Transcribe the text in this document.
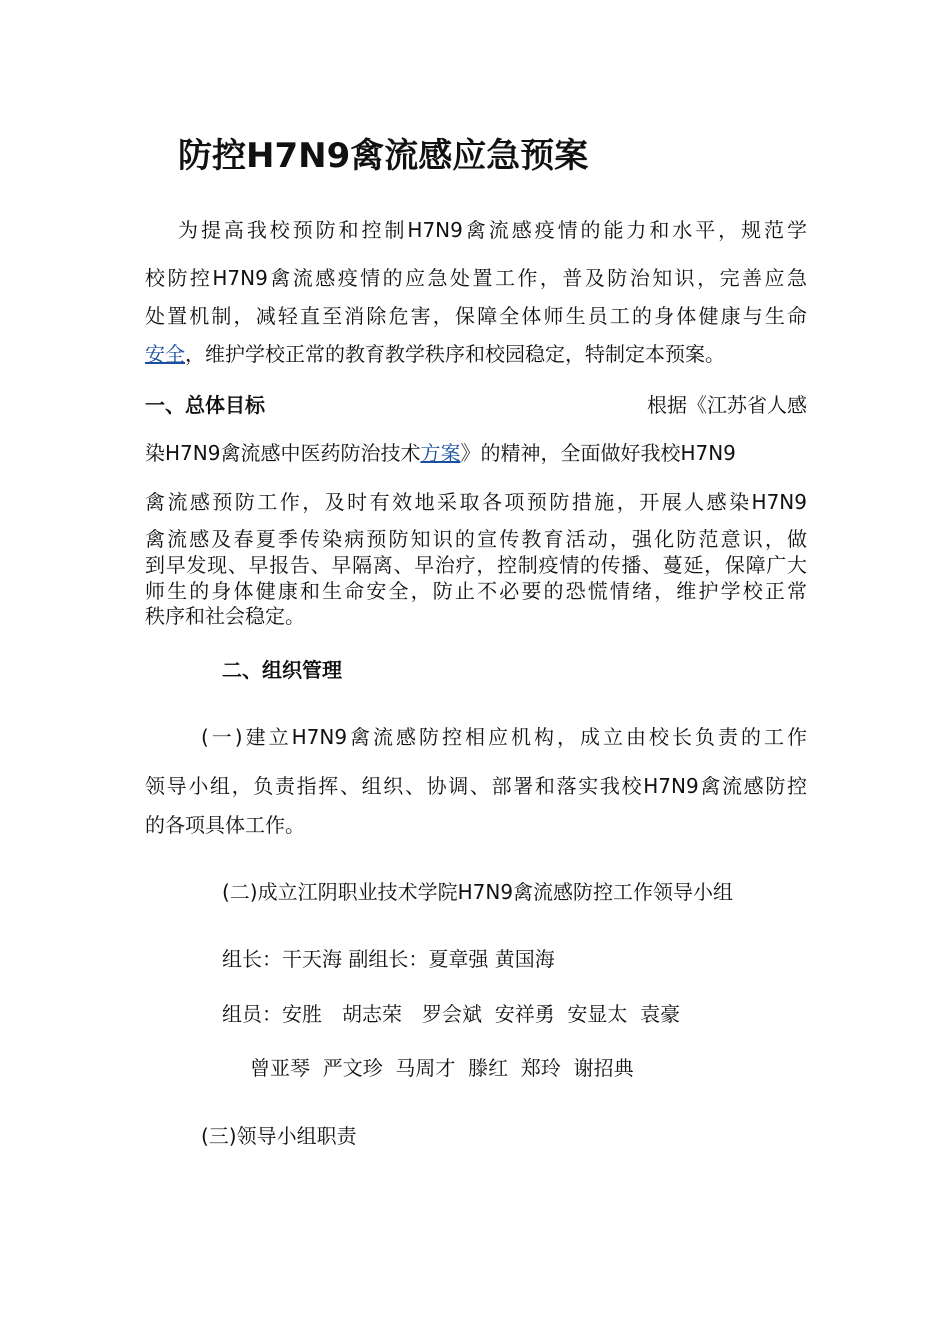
防控H7N9禽流感应急预案
为提高我校预防和控制H7N9禽流感疫情的能力和水平，规范学
校防控H7N9禽流感疫情的应急处置工作，普及防治知识，完善应急
处置机制，减轻直至消除危害，保障全体师生员工的身体健康与生命
安全，维护学校正常的教育教学秩序和校园稳定，特制定本预案。
一、总体目标	根据《江苏省人感
染H7N9禽流感中医药防治技术方案》的精神，全面做好我校H7N9
禽流感预防工作，及时有效地采取各项预防措施，开展人感染H7N9
禽流感及春夏季传染病预防知识的宣传教育活动，强化防范意识，做
到早发现、早报告、早隔离、早治疗，控制疫情的传播、蔓延，保障广大
师生的身体健康和生命安全，防止不必要的恐慌情绪，维护学校正常
秩序和社会稳定。
二、组织管理
(一)建立H7N9禽流感防控相应机构，成立由校长负责的工作
领导小组，负责指挥、组织、协调、部署和落实我校H7N9禽流感防控
的各项具体工作。
(二)成立江阴职业技术学院H7N9禽流感防控工作领导小组
组长：干天海 副组长：夏章强 黄国海
组员：安胜　胡志荣　罗会斌  安祥勇  安显太  袁豪
曾亚琴  严文珍  马周才  滕红  郑玲  谢招典
(三)领导小组职责
